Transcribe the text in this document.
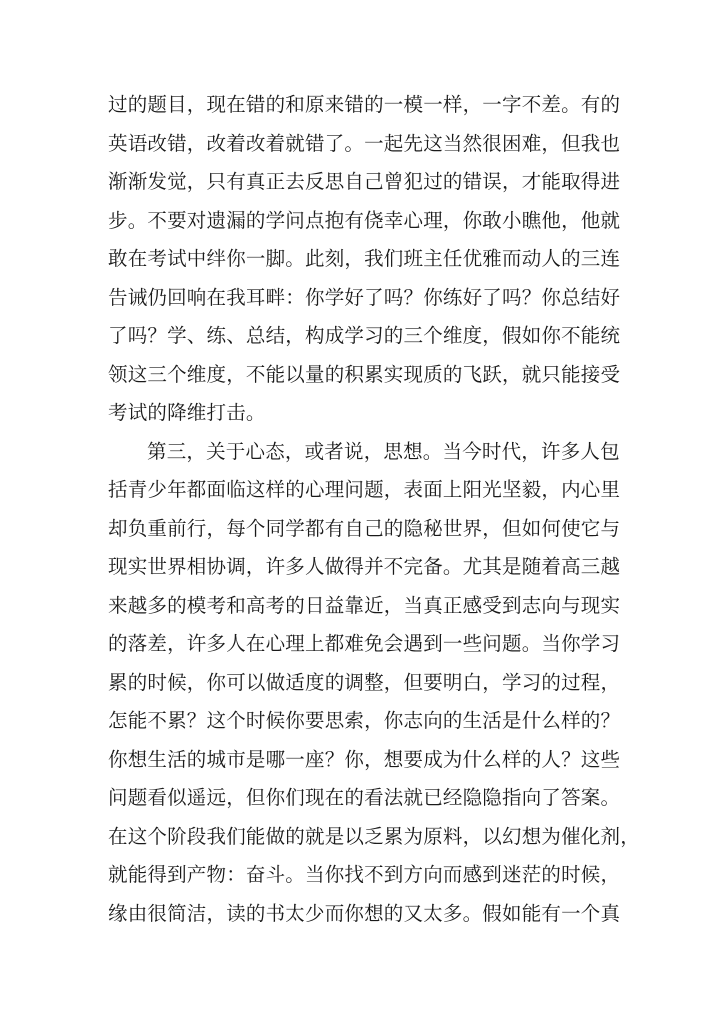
过的题目，现在错的和原来错的一模一样，一字不差。有的
英语改错，改着改着就错了。一起先这当然很困难，但我也
渐渐发觉，只有真正去反思自己曾犯过的错误，才能取得进
步。不要对遗漏的学问点抱有侥幸心理，你敢小瞧他，他就
敢在考试中绊你一脚。此刻，我们班主任优雅而动人的三连
告诫仍回响在我耳畔：你学好了吗？你练好了吗？你总结好
了吗？学、练、总结，构成学习的三个维度，假如你不能统
领这三个维度，不能以量的积累实现质的飞跃，就只能接受
考试的降维打击。
第三，关于心态，或者说，思想。当今时代，许多人包
括青少年都面临这样的心理问题，表面上阳光坚毅，内心里
却负重前行，每个同学都有自己的隐秘世界，但如何使它与
现实世界相协调，许多人做得并不完备。尤其是随着高三越
来越多的模考和高考的日益靠近，当真正感受到志向与现实
的落差，许多人在心理上都难免会遇到一些问题。当你学习
累的时候，你可以做适度的调整，但要明白，学习的过程，
怎能不累？这个时候你要思索，你志向的生活是什么样的？
你想生活的城市是哪一座？你，想要成为什么样的人？这些
问题看似遥远，但你们现在的看法就已经隐隐指向了答案。
在这个阶段我们能做的就是以乏累为原料，以幻想为催化剂，
就能得到产物：奋斗。当你找不到方向而感到迷茫的时候，
缘由很简洁，读的书太少而你想的又太多。假如能有一个真
